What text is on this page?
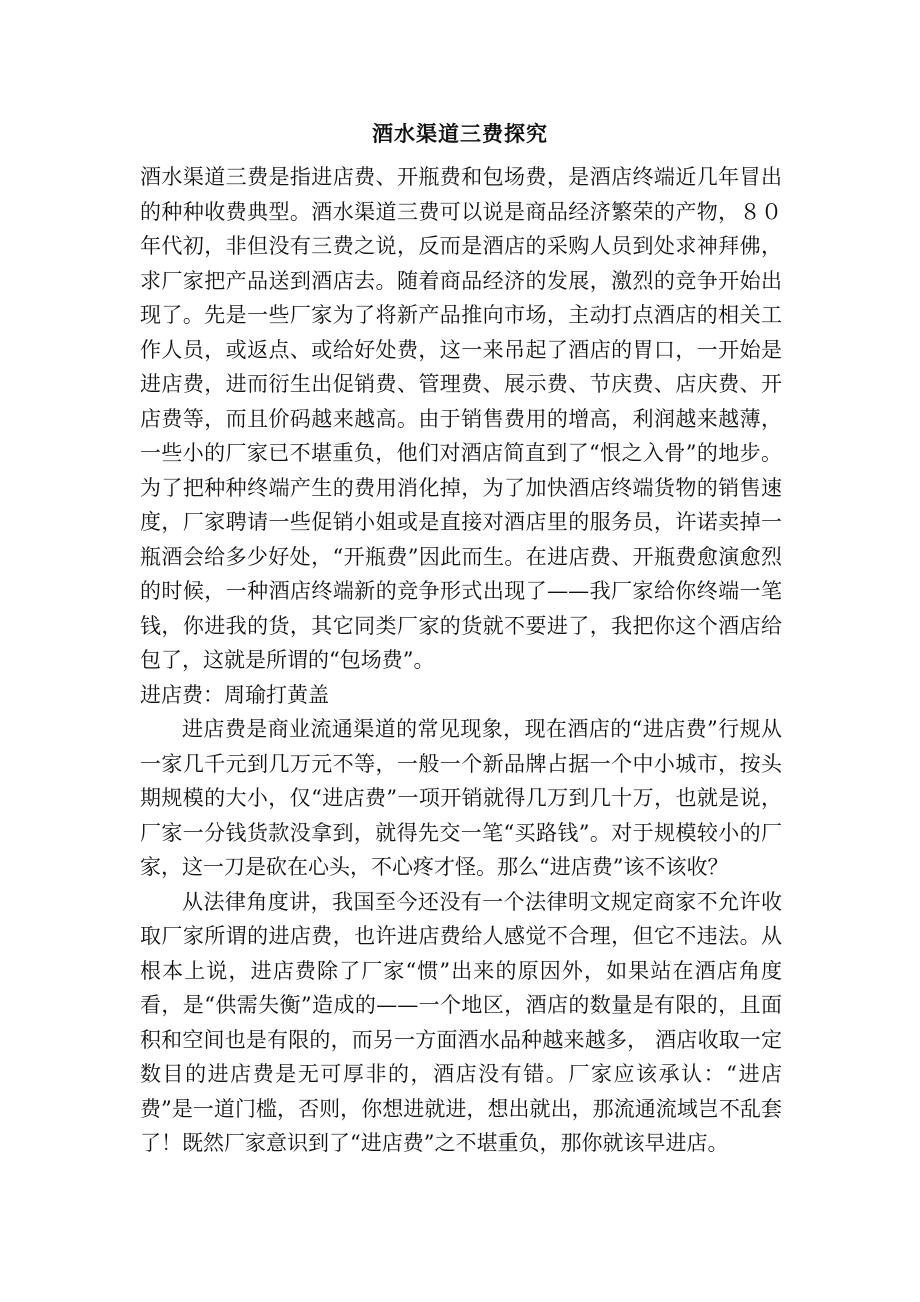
酒水渠道三费探究

酒水渠道三费是指进店费、开瓶费和包场费，是酒店终端近几年冒出的种种收费典型。酒水渠道三费可以说是商品经济繁荣的产物，８０年代初，非但没有三费之说，反而是酒店的采购人员到处求神拜佛，求厂家把产品送到酒店去。随着商品经济的发展，激烈的竞争开始出现了。先是一些厂家为了将新产品推向市场，主动打点酒店的相关工作人员，或返点、或给好处费，这一来吊起了酒店的胃口，一开始是进店费，进而衍生出促销费、管理费、展示费、节庆费、店庆费、开店费等，而且价码越来越高。由于销售费用的增高，利润越来越薄，一些小的厂家已不堪重负，他们对酒店简直到了“恨之入骨”的地步。为了把种种终端产生的费用消化掉，为了加快酒店终端货物的销售速度，厂家聘请一些促销小姐或是直接对酒店里的服务员，许诺卖掉一瓶酒会给多少好处，“开瓶费”因此而生。在进店费、开瓶费愈演愈烈的时候，一种酒店终端新的竞争形式出现了——我厂家给你终端一笔钱，你进我的货，其它同类厂家的货就不要进了，我把你这个酒店给包了，这就是所谓的“包场费”。

进店费：周瑜打黄盖

进店费是商业流通渠道的常见现象，现在酒店的“进店费”行规从一家几千元到几万元不等，一般一个新品牌占据一个中小城市，按头期规模的大小，仅“进店费”一项开销就得几万到几十万，也就是说，厂家一分钱货款没拿到，就得先交一笔“买路钱”。对于规模较小的厂家，这一刀是砍在心头，不心疼才怪。那么“进店费”该不该收？

从法律角度讲，我国至今还没有一个法律明文规定商家不允许收取厂家所谓的进店费，也许进店费给人感觉不合理，但它不违法。从根本上说，进店费除了厂家“惯”出来的原因外，如果站在酒店角度看，是“供需失衡”造成的——一个地区，酒店的数量是有限的，且面积和空间也是有限的，而另一方面酒水品种越来越多， 酒店收取一定数目的进店费是无可厚非的，酒店没有错。厂家应该承认：“进店费”是一道门槛，否则，你想进就进，想出就出，那流通流域岂不乱套了！既然厂家意识到了“进店费”之不堪重负，那你就该早进店。
